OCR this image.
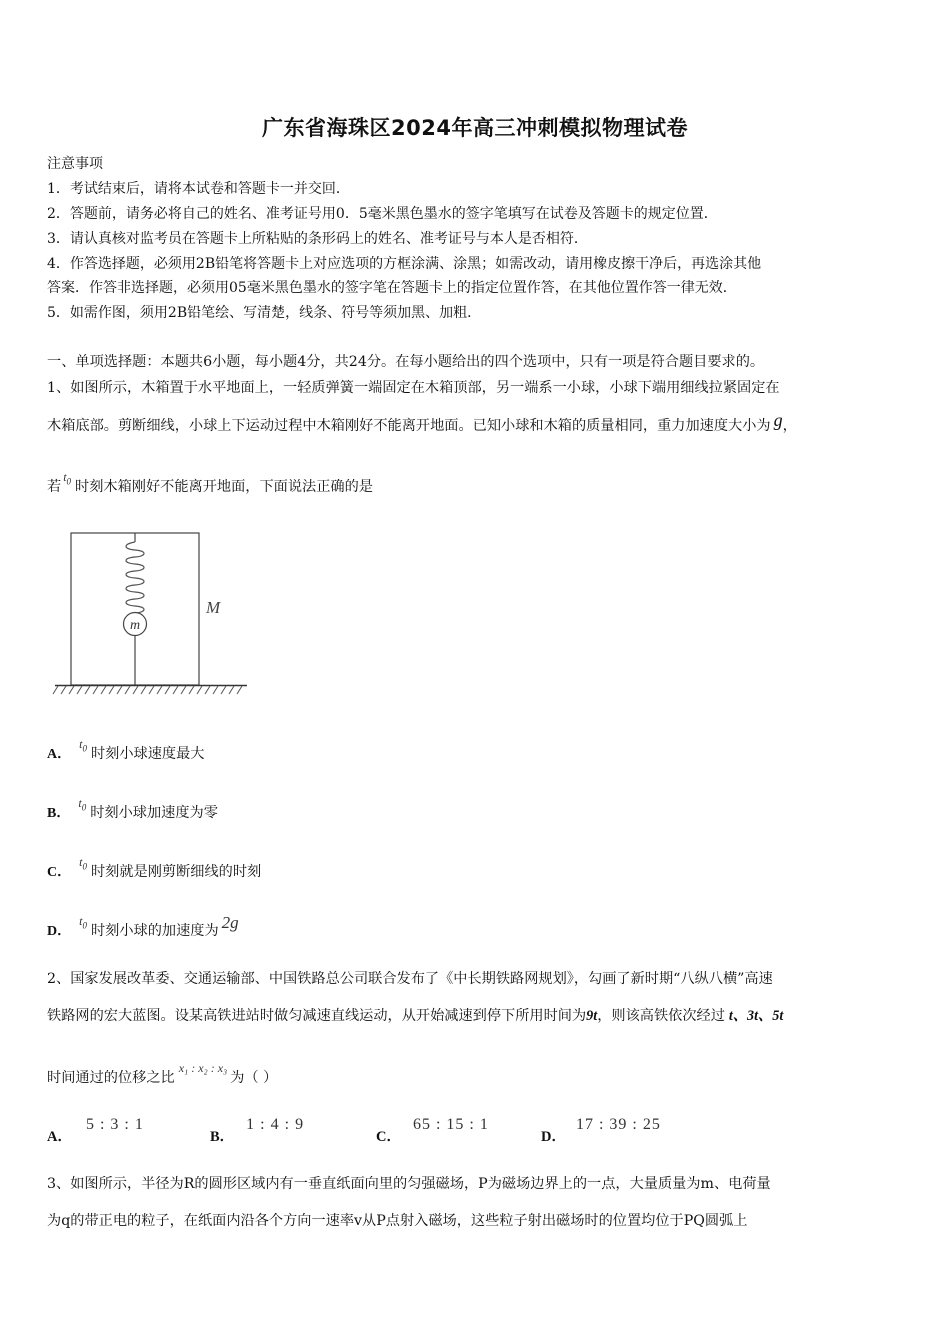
广东省海珠区2024年高三冲刺模拟物理试卷
注意事项
1．考试结束后，请将本试卷和答题卡一并交回．
2．答题前，请务必将自己的姓名、准考证号用0．5毫米黑色墨水的签字笔填写在试卷及答题卡的规定位置．
3．请认真核对监考员在答题卡上所粘贴的条形码上的姓名、准考证号与本人是否相符．
4．作答选择题，必须用2B铅笔将答题卡上对应选项的方框涂满、涂黑；如需改动，请用橡皮擦干净后，再选涂其他
答案．作答非选择题，必须用05毫米黑色墨水的签字笔在答题卡上的指定位置作答，在其他位置作答一律无效．
5．如需作图，须用2B铅笔绘、写清楚，线条、符号等须加黑、加粗．
一、单项选择题：本题共6小题，每小题4分，共24分。在每小题给出的四个选项中，只有一项是符合题目要求的。
1、如图所示，木箱置于水平地面上，一轻质弹簧一端固定在木箱顶部，另一端系一小球，小球下端用细线拉紧固定在
木箱底部。剪断细线，小球上下运动过程中木箱刚好不能离开地面。已知小球和木箱的质量相同，重力加速度大小为 g，
若$^{t_0}$ 时刻木箱刚好不能离开地面，下面说法正确的是
m
M
A．$^{t_0}$ 时刻小球速度最大
B．$^{t_0}$ 时刻小球加速度为零
C．$^{t_0}$ 时刻就是刚剪断细线的时刻
D．$^{t_0}$ 时刻小球的加速度为 2g
2、国家发展改革委、交通运输部、中国铁路总公司联合发布了《中长期铁路网规划》，勾画了新时期“八纵八横”高速
铁路网的宏大蓝图。设某高铁进站时做匀减速直线运动，从开始减速到停下所用时间为9t，则该高铁依次经过 t、3t、5t
时间通过的位移之比$^{x_1 : x_2 : x_3}$为（ ）
A．5 : 3 : 1
B．1 : 4 : 9
C．65 : 15 : 1
D．17 : 39 : 25
3、如图所示，半径为R的圆形区域内有一垂直纸面向里的匀强磁场，P为磁场边界上的一点，大量质量为m、电荷量
为q的带正电的粒子，在纸面内沿各个方向一速率v从P点射入磁场，这些粒子射出磁场时的位置均位于PQ圆弧上
